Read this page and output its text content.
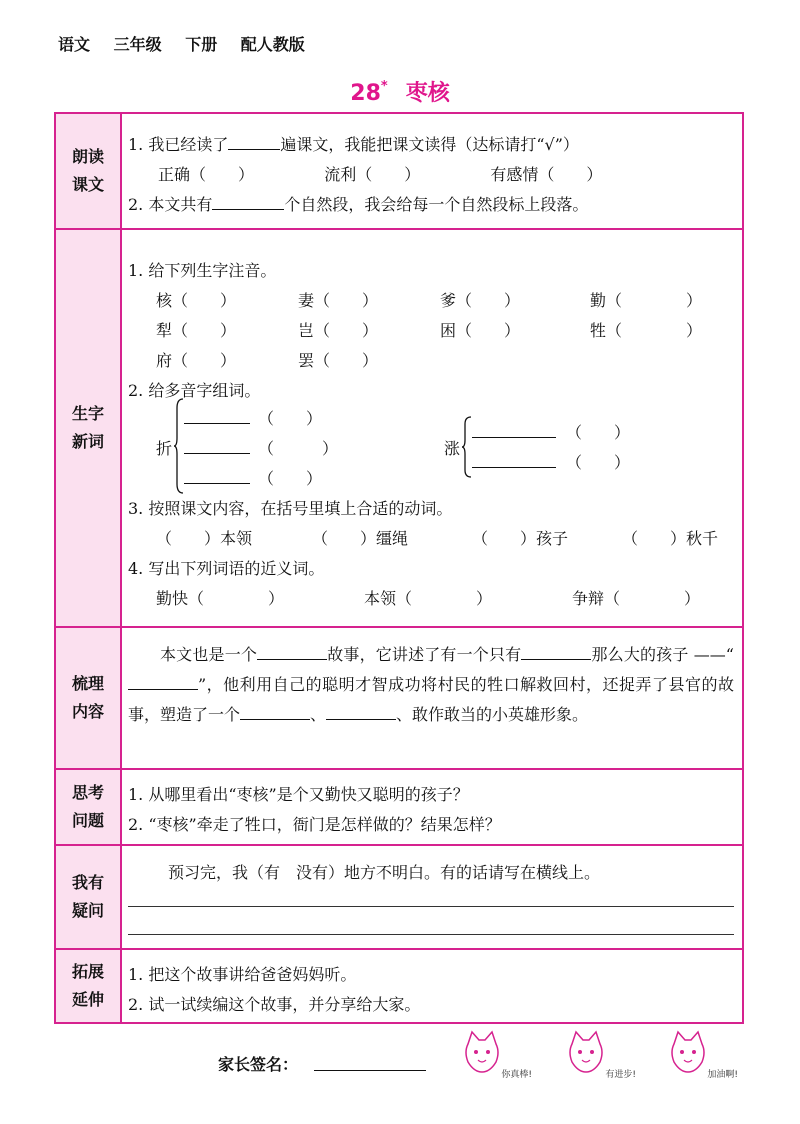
语文 三年级 下册 配人教版
28* 枣核
朗读
课文
1. 我已经读了	遍课文，我能把课文读得（达标请打“√”）
正确（　　）	流利（　　）	有感情（　　）
2. 本文共有	个自然段，我会给每一个自然段标上段落。
生字
新词
1. 给下列生字注音。
核（　　）	妻（　　）	爹（　　）	勤（　　　　）
犁（　　）	岂（　　）	困（　　）	牲（　　　　）
府（　　）	罢（　　）
2. 给多音字组词。
折
（　　）
（　　　）
（　　）
涨
（　　）
（　　）
3. 按照课文内容，在括号里填上合适的动词。
（　　）本领	（　　）缰绳	（　　）孩子	（　　）秋千
4. 写出下列词语的近义词。
勤快（　　　　）	本领（　　　　）	争辩（　　　　）
梳理
内容
本文也是一个	故事，它讲述了有一个只有	那么大的孩子 ——“”，他利用自己的聪明才智成功将村民的牲口解救回村，还捉弄了县官的故事，塑造了一个	、	、敢作敢当的小英雄形象。
思考
问题
1. 从哪里看出“枣核”是个又勤快又聪明的孩子？
2. “枣核”牵走了牲口，衙门是怎样做的？结果怎样？
我有
疑问
预习完，我（有　没有）地方不明白。有的话请写在横线上。
拓展
延伸
1. 把这个故事讲给爸爸妈妈听。
2. 试一试续编这个故事，并分享给大家。
家长签名：
你真棒!	有进步!	加油啊!
